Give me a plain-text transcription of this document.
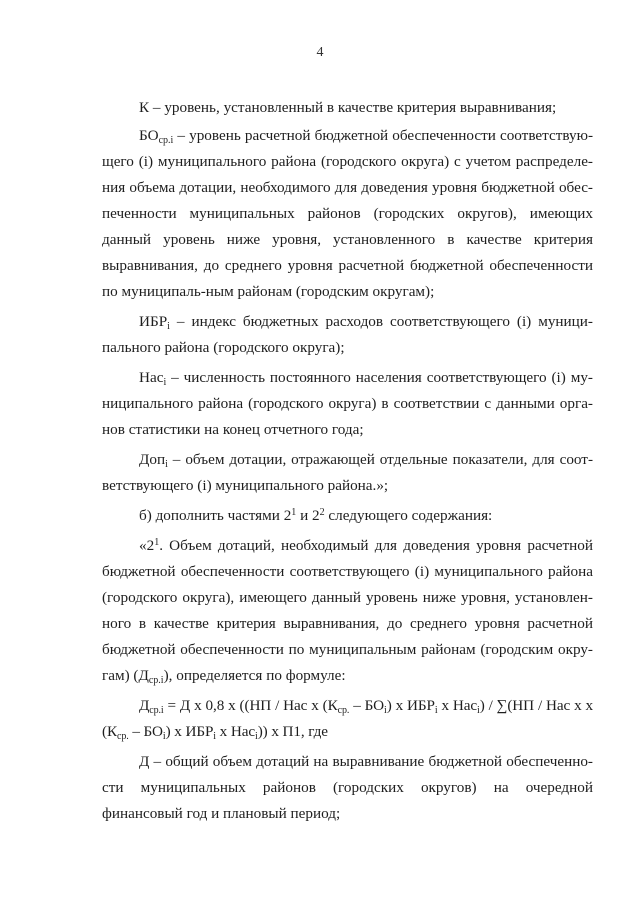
4

К – уровень, установленный в качестве критерия выравнивания;

$БО_{ср.i}$ – уровень расчетной бюджетной обеспеченности соответствую-щего (i) муниципального района (городского округа) с учетом распределе-ния объема дотации, необходимого для доведения уровня бюджетной обес-печенности муниципальных районов (городских округов), имеющих данный уровень ниже уровня, установленного в качестве критерия выравнивания, до среднего уровня расчетной бюджетной обеспеченности по муниципаль-ным районам (городским округам);

$ИБР_i$ – индекс бюджетных расходов соответствующего (i) муници-пального района (городского округа);

Нас$_i$ – численность постоянного населения соответствующего (i) му-ниципального района (городского округа) в соответствии с данными орга-нов статистики на конец отчетного года;

Доп$_i$ – объем дотации, отражающей отдельные показатели, для соот-ветствующего (i) муниципального района.»;

б) дополнить частями $2^1$ и $2^2$ следующего содержания:

«$2^1$. Объем дотаций, необходимый для доведения уровня расчетной бюджетной обеспеченности соответствующего (i) муниципального района (городского округа), имеющего данный уровень ниже уровня, установлен-ного в качестве критерия выравнивания, до среднего уровня расчетной бюджетной обеспеченности по муниципальным районам (городским окру-гам) $(Д_{ср.i})$, определяется по формуле:

$Д_{ср.i} = Д$ х 0,8 х ((НП / Нас х $(К_{ср.} - БО_i)$ х $ИБР_i$ х Нас$_i$) / ∑(НП / Нас х х $(К_{ср.} - БО_i)$ х $ИБР_i$ х Нас$_i$)) х П1, где

Д – общий объем дотаций на выравнивание бюджетной обеспеченно-сти муниципальных районов (городских округов) на очередной финансовый год и плановый период;
